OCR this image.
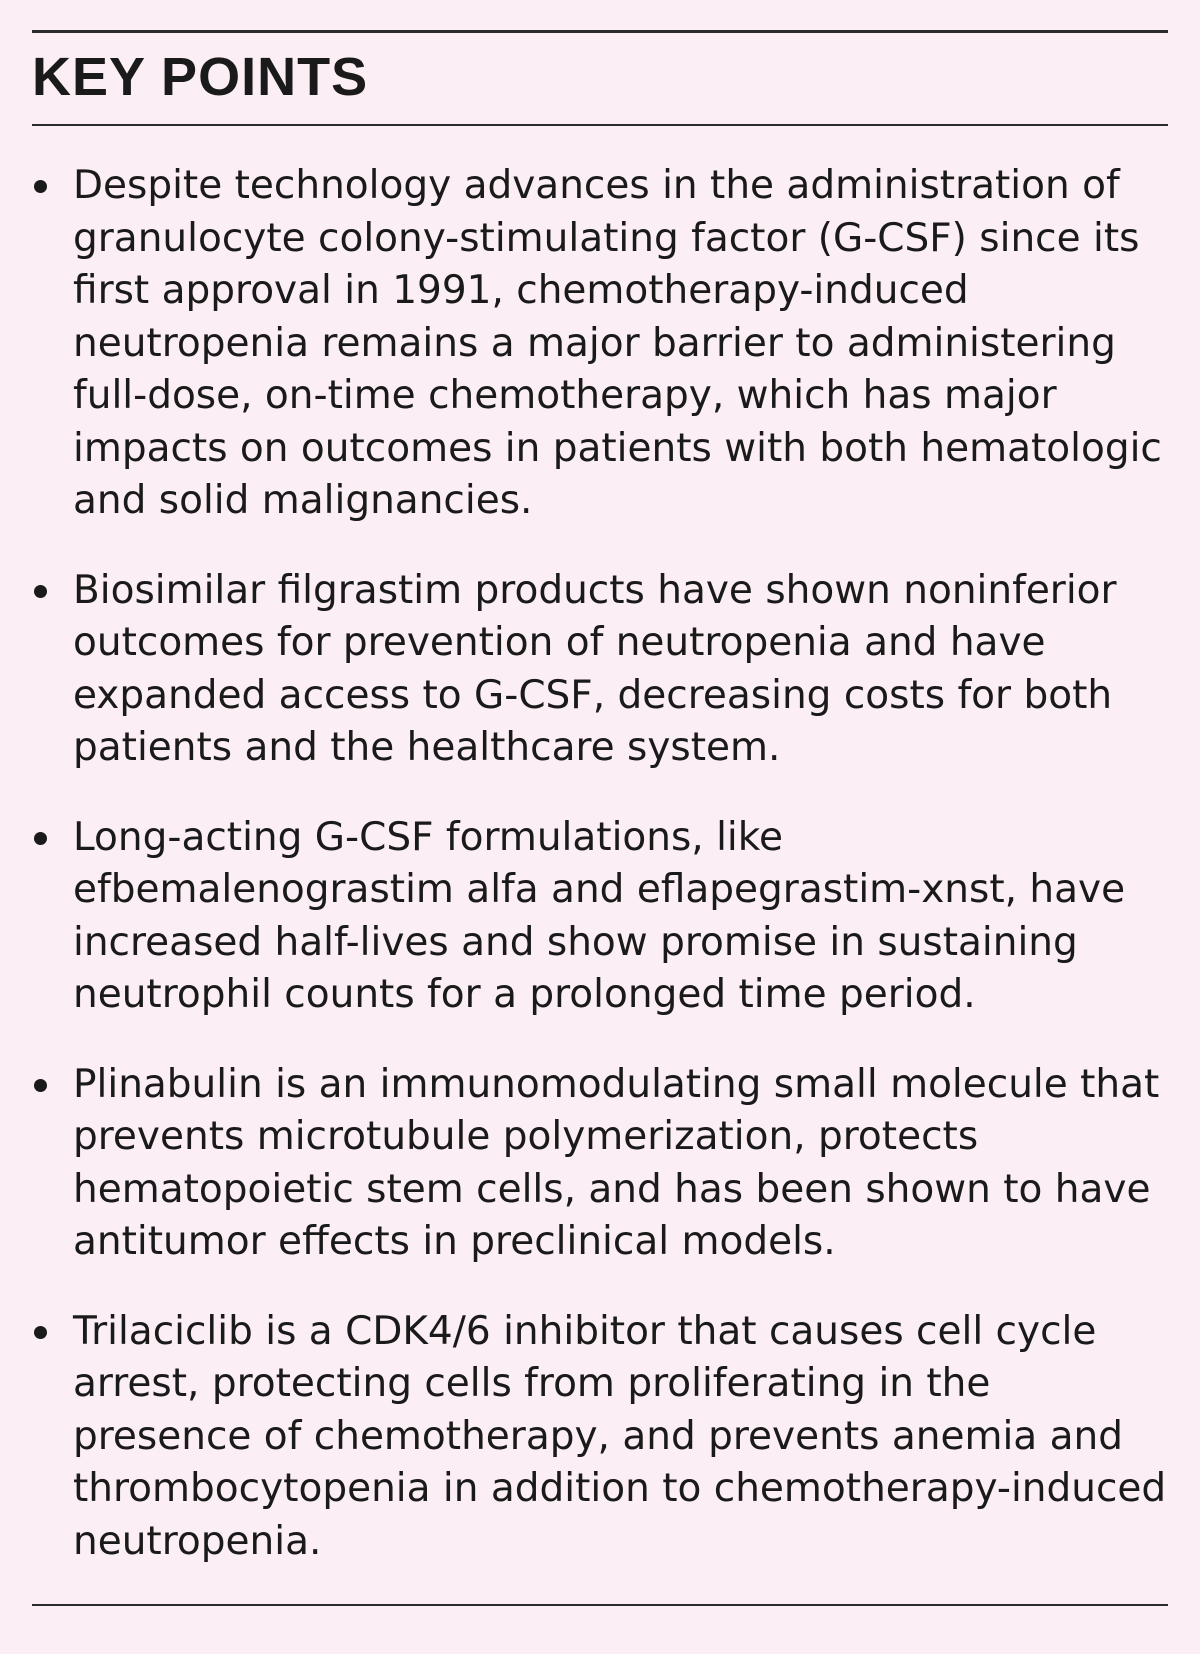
KEY POINTS
Despite technology advances in the administration of granulocyte colony-stimulating factor (G-CSF) since its first approval in 1991, chemotherapy-induced neutropenia remains a major barrier to administering full-dose, on-time chemotherapy, which has major impacts on outcomes in patients with both hematologic and solid malignancies.
Biosimilar filgrastim products have shown noninferior outcomes for prevention of neutropenia and have expanded access to G-CSF, decreasing costs for both patients and the healthcare system.
Long-acting G-CSF formulations, like efbemalenograstim alfa and eflapegrastim-xnst, have increased half-lives and show promise in sustaining neutrophil counts for a prolonged time period.
Plinabulin is an immunomodulating small molecule that prevents microtubule polymerization, protects hematopoietic stem cells, and has been shown to have antitumor effects in preclinical models.
Trilaciclib is a CDK4/6 inhibitor that causes cell cycle arrest, protecting cells from proliferating in the presence of chemotherapy, and prevents anemia and thrombocytopenia in addition to chemotherapy-induced neutropenia.
